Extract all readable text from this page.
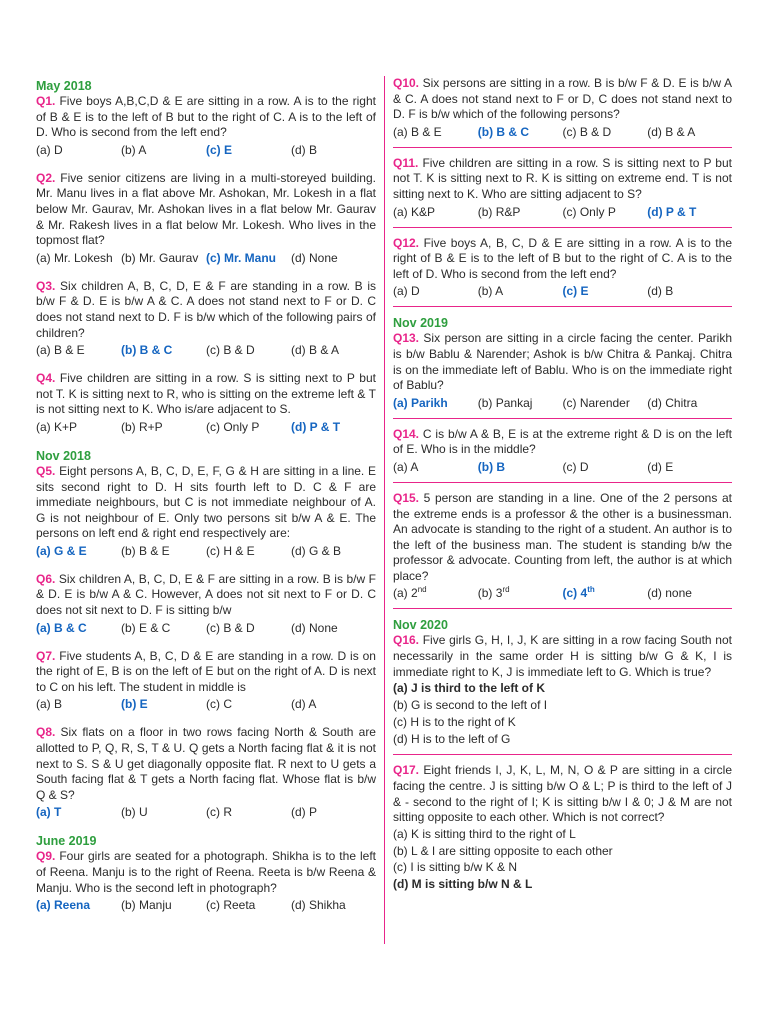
May 2018
Q1. Five boys A,B,C,D & E are sitting in a row. A is to the right of B & E is to the left of B but to the right of C. A is to the left of D. Who is second from the left end?
(a) D	(b) A	(c) E	(d) B
Q2. Five senior citizens are living in a multi-storeyed building. Mr. Manu lives in a flat above Mr. Ashokan, Mr. Lokesh in a flat below Mr. Gaurav, Mr. Ashokan lives in a flat below Mr. Gaurav & Mr. Rakesh lives in a flat below Mr. Lokesh. Who lives in the topmost flat?
(a) Mr. Lokesh (b) Mr. Gaurav (c) Mr. Manu	(d) None
Q3. Six children A, B, C, D, E & F are standing in a row. B is b/w F & D. E is b/w A & C. A does not stand next to F or D. C does not stand next to D. F is b/w which of the following pairs of children?
(a) B & E	(b) B & C	(c) B & D	(d) B & A
Q4. Five children are sitting in a row. S is sitting next to P but not T. K is sitting next to R, who is sitting on the extreme left & T is not sitting next to K. Who is/are adjacent to S.
(a) K+P	(b) R+P	(c) Only P	(d) P & T
Nov 2018
Q5. Eight persons A, B, C, D, E, F, G & H are sitting in a line. E sits second right to D. H sits fourth left to D. C & F are immediate neighbours, but C is not immediate neighbour of A. G is not neighbour of E. Only two persons sit b/w A & E. The persons on left end & right end respectively are:
(a) G & E	(b) B & E	(c) H & E	(d) G & B
Q6. Six children A, B, C, D, E & F are sitting in a row. B is b/w F & D. E is b/w A & C. However, A does not sit next to F or D. C does not sit next to D. F is sitting b/w
(a) B & C	(b) E & C	(c) B & D	(d) None
Q7. Five students A, B, C, D & E are standing in a row. D is on the right of E, B is on the left of E but on the right of A. D is next to C on his left. The student in middle is
(a) B	(b) E	(c) C	(d) A
Q8. Six flats on a floor in two rows facing North & South are allotted to P, Q, R, S, T & U. Q gets a North facing flat & it is not next to S. S & U get diagonally opposite flat. R next to U gets a South facing flat & T gets a North facing flat. Whose flat is b/w Q & S?
(a) T	(b) U	(c) R	(d) P
June 2019
Q9. Four girls are seated for a photograph. Shikha is to the left of Reena. Manju is to the right of Reena. Reeta is b/w Reena & Manju. Who is the second left in photograph?
(a) Reena	(b) Manju	(c) Reeta	(d) Shikha
Q10. Six persons are sitting in a row. B is b/w F & D. E is b/w A & C. A does not stand next to F or D, C does not stand next to D. F is b/w which of the following persons?
(a) B & E	(b) B & C	(c) B & D	(d) B & A
Q11. Five children are sitting in a row. S is sitting next to P but not T. K is sitting next to R. K is sitting on extreme end. T is not sitting next to K. Who are sitting adjacent to S?
(a) K&P	(b) R&P	(c) Only P	(d) P & T
Q12. Five boys A, B, C, D & E are sitting in a row. A is to the right of B & E is to the left of B but to the right of C. A is to the left of D. Who is second from the left end?
(a) D	(b) A	(c) E	(d) B
Nov 2019
Q13. Six person are sitting in a circle facing the center. Parikh is b/w Bablu & Narender; Ashok is b/w Chitra & Pankaj. Chitra is on the immediate left of Bablu. Who is on the immediate right of Bablu?
(a) Parikh	(b) Pankaj	(c) Narender	(d) Chitra
Q14. C is b/w A & B, E is at the extreme right & D is on the left of E. Who is in the middle?
(a) A	(b) B	(c) D	(d) E
Q15. 5 person are standing in a line. One of the 2 persons at the extreme ends is a professor & the other is a businessman. An advocate is standing to the right of a student. An author is to the left of the business man. The student is standing b/w the professor & advocate. Counting from left, the author is at which place?
(a) 2nd	(b) 3rd	(c) 4th	(d) none
Nov 2020
Q16. Five girls G, H, I, J, K are sitting in a row facing South not necessarily in the same order H is sitting b/w G & K, I is immediate right to K, J is immediate left to G. Which is true?
(a) J is third to the left of K
(b) G is second to the left of I
(c) H is to the right of K
(d) H is to the left of G
Q17. Eight friends I, J, K, L, M, N, O & P are sitting in a circle facing the centre. J is sitting b/w O & L; P is third to the left of J & - second to the right of I; K is sitting b/w I & 0; J & M are not sitting opposite to each other. Which is not correct?
(a) K is sitting third to the right of L
(b) L & I are sitting opposite to each other
(c) I is sitting b/w K & N
(d) M is sitting b/w N & L
